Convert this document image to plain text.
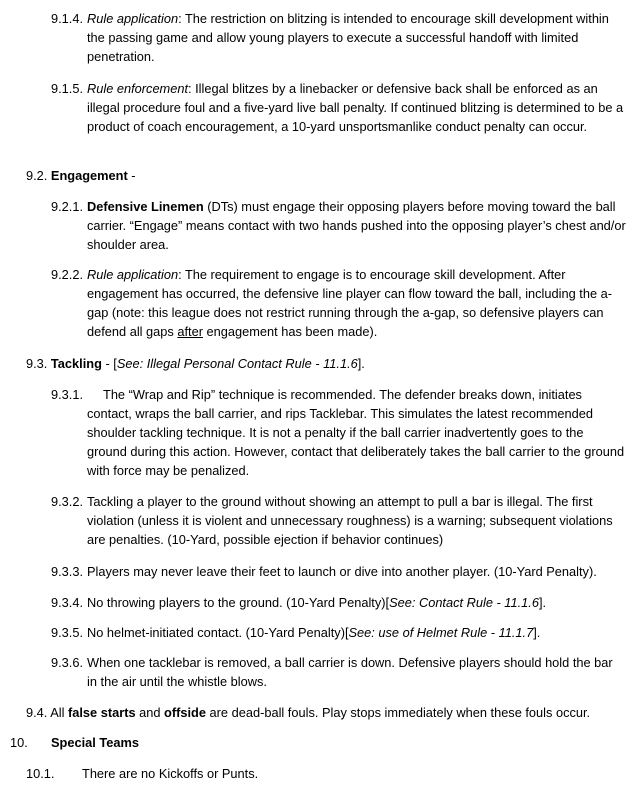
9.1.4. Rule application: The restriction on blitzing is intended to encourage skill development within the passing game and allow young players to execute a successful handoff with limited penetration.
9.1.5. Rule enforcement: Illegal blitzes by a linebacker or defensive back shall be enforced as an illegal procedure foul and a five-yard live ball penalty. If continued blitzing is determined to be a product of coach encouragement, a 10-yard unsportsmanlike conduct penalty can occur.
9.2. Engagement -
9.2.1. Defensive Linemen (DTs) must engage their opposing players before moving toward the ball carrier. “Engage” means contact with two hands pushed into the opposing player’s chest and/or shoulder area.
9.2.2. Rule application: The requirement to engage is to encourage skill development. After engagement has occurred, the defensive line player can flow toward the ball, including the a-gap (note: this league does not restrict running through the a-gap, so defensive players can defend all gaps after engagement has been made).
9.3. Tackling - [See: Illegal Personal Contact Rule - 11.1.6].
9.3.1.	The “Wrap and Rip” technique is recommended. The defender breaks down, initiates contact, wraps the ball carrier, and rips Tacklebar. This simulates the latest recommended shoulder tackling technique. It is not a penalty if the ball carrier inadvertently goes to the ground during this action. However, contact that deliberately takes the ball carrier to the ground with force may be penalized.
9.3.2. Tackling a player to the ground without showing an attempt to pull a bar is illegal. The first violation (unless it is violent and unnecessary roughness) is a warning; subsequent violations are penalties. (10-Yard, possible ejection if behavior continues)
9.3.3. Players may never leave their feet to launch or dive into another player. (10-Yard Penalty).
9.3.4. No throwing players to the ground. (10-Yard Penalty)[See: Contact Rule - 11.1.6].
9.3.5. No helmet-initiated contact. (10-Yard Penalty)[See: use of Helmet Rule - 11.1.7].
9.3.6. When one tacklebar is removed, a ball carrier is down. Defensive players should hold the bar in the air until the whistle blows.
9.4. All false starts and offside are dead-ball fouls. Play stops immediately when these fouls occur.
10. Special Teams
10.1. There are no Kickoffs or Punts.
